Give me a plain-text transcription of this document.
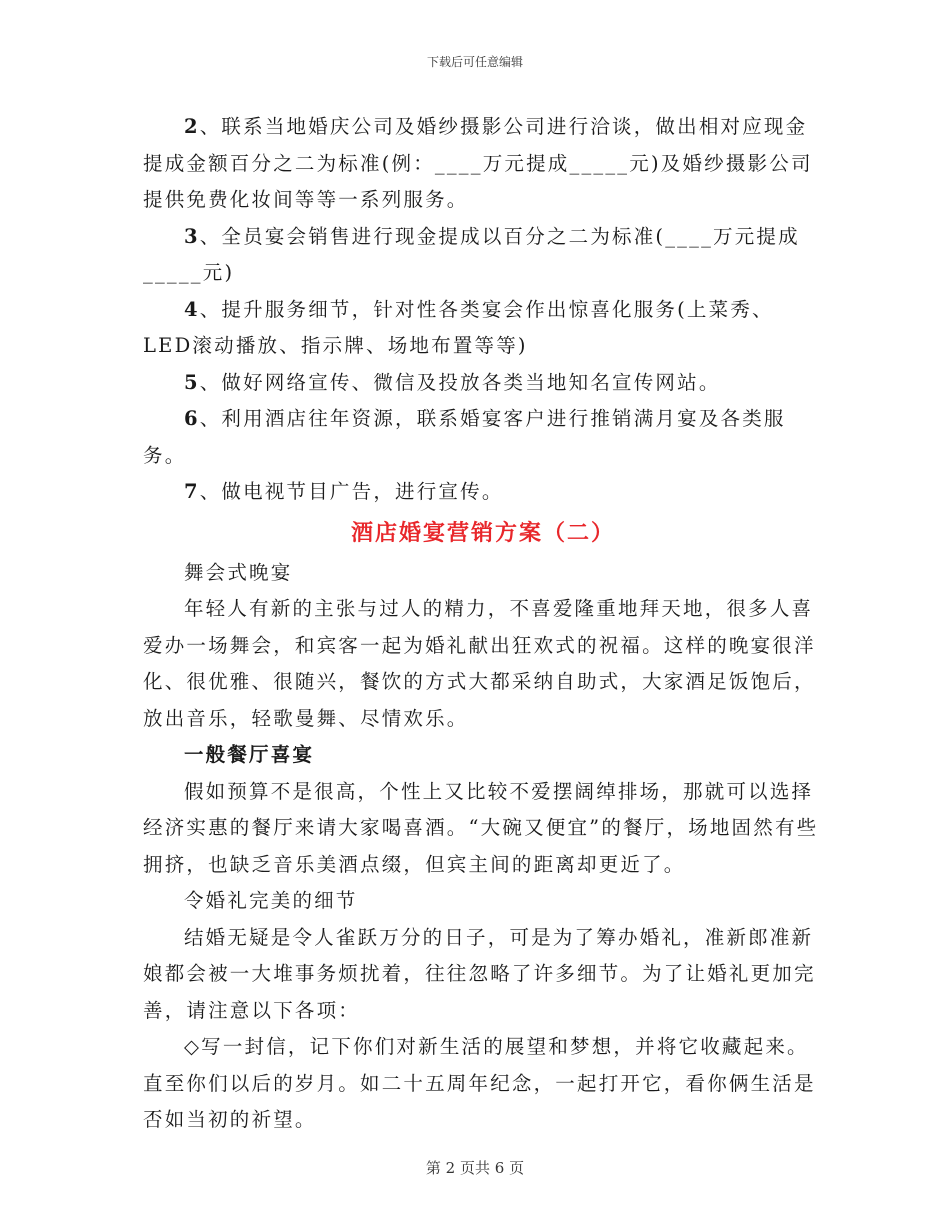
下载后可任意编辑

2、联系当地婚庆公司及婚纱摄影公司进行洽谈，做出相对应现金提成金额百分之二为标准(例：____万元提成_____元)及婚纱摄影公司提供免费化妆间等等一系列服务。

3、全员宴会销售进行现金提成以百分之二为标准(____万元提成_____元)

4、提升服务细节，针对性各类宴会作出惊喜化服务(上菜秀、LED滚动播放、指示牌、场地布置等等)

5、做好网络宣传、微信及投放各类当地知名宣传网站。

6、利用酒店往年资源，联系婚宴客户进行推销满月宴及各类服务。

7、做电视节目广告，进行宣传。

酒店婚宴营销方案（二）

舞会式晚宴

年轻人有新的主张与过人的精力，不喜爱隆重地拜天地，很多人喜爱办一场舞会，和宾客一起为婚礼献出狂欢式的祝福。这样的晚宴很洋化、很优雅、很随兴，餐饮的方式大都采纳自助式，大家酒足饭饱后，放出音乐，轻歌曼舞、尽情欢乐。

一般餐厅喜宴

假如预算不是很高，个性上又比较不爱摆阔绰排场，那就可以选择经济实惠的餐厅来请大家喝喜酒。“大碗又便宜”的餐厅，场地固然有些拥挤，也缺乏音乐美酒点缀，但宾主间的距离却更近了。

令婚礼完美的细节

结婚无疑是令人雀跃万分的日子，可是为了筹办婚礼，准新郎准新娘都会被一大堆事务烦扰着，往往忽略了许多细节。为了让婚礼更加完善，请注意以下各项：

◇写一封信，记下你们对新生活的展望和梦想，并将它收藏起来。直至你们以后的岁月。如二十五周年纪念，一起打开它，看你俩生活是否如当初的祈望。

第 2 页共 6 页
